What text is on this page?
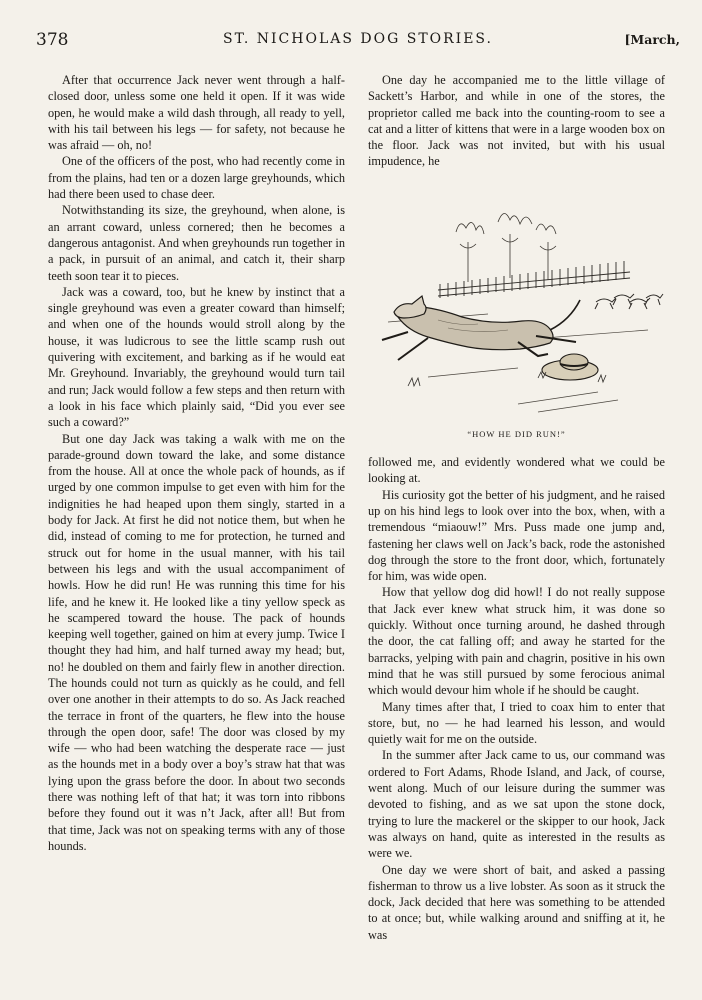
378	ST. NICHOLAS DOG STORIES.	[March,

After that occurrence Jack never went through a half-closed door, unless some one held it open. If it was wide open, he would make a wild dash through, all ready to yell, with his tail between his legs — for safety, not because he was afraid — oh, no!

One of the officers of the post, who had recently come in from the plains, had ten or a dozen large greyhounds, which had there been used to chase deer.

Notwithstanding its size, the greyhound, when alone, is an arrant coward, unless cornered; then he becomes a dangerous antagonist. And when greyhounds run together in a pack, in pursuit of an animal, and catch it, their sharp teeth soon tear it to pieces.

Jack was a coward, too, but he knew by instinct that a single greyhound was even a greater coward than himself; and when one of the hounds would stroll along by the house, it was ludicrous to see the little scamp rush out quivering with excitement, and barking as if he would eat Mr. Greyhound. Invariably, the greyhound would turn tail and run; Jack would follow a few steps and then return with a look in his face which plainly said, “Did you ever see such a coward?”

But one day Jack was taking a walk with me on the parade-ground down toward the lake, and some distance from the house. All at once the whole pack of hounds, as if urged by one common impulse to get even with him for the indignities he had heaped upon them singly, started in a body for Jack. At first he did not notice them, but when he did, instead of coming to me for protection, he turned and struck out for home in the usual manner, with his tail between his legs and with the usual accompaniment of howls. How he did run! He was running this time for his life, and he knew it. He looked like a tiny yellow speck as he scampered toward the house. The pack of hounds keeping well together, gained on him at every jump. Twice I thought they had him, and half turned away my head; but, no! he doubled on them and fairly flew in another direction. The hounds could not turn as quickly as he could, and fell over one another in their attempts to do so. As Jack reached the terrace in front of the quarters, he flew into the house through the open door, safe! The door was closed by my wife — who had been watching the desperate race — just as the hounds met in a body over a boy’s straw hat that was lying upon the grass before the door. In about two seconds there was nothing left of that hat; it was torn into ribbons before they found out it was n’t Jack, after all! But from that time, Jack was not on speaking terms with any of those hounds.

One day he accompanied me to the little village of Sackett’s Harbor, and while in one of the stores, the proprietor called me back into the counting-room to see a cat and a litter of kittens that were in a large wooden box on the floor. Jack was not invited, but with his usual impudence, he

“HOW HE DID RUN!”

followed me, and evidently wondered what we could be looking at.

His curiosity got the better of his judgment, and he raised up on his hind legs to look over into the box, when, with a tremendous “miaouw!” Mrs. Puss made one jump and, fastening her claws well on Jack’s back, rode the astonished dog through the store to the front door, which, fortunately for him, was wide open.

How that yellow dog did howl! I do not really suppose that Jack ever knew what struck him, it was done so quickly. Without once turning around, he dashed through the door, the cat falling off; and away he started for the barracks, yelping with pain and chagrin, positive in his own mind that he was still pursued by some ferocious animal which would devour him whole if he should be caught.

Many times after that, I tried to coax him to enter that store, but, no — he had learned his lesson, and would quietly wait for me on the outside.

In the summer after Jack came to us, our command was ordered to Fort Adams, Rhode Island, and Jack, of course, went along. Much of our leisure during the summer was devoted to fishing, and as we sat upon the stone dock, trying to lure the mackerel or the skipper to our hook, Jack was always on hand, quite as interested in the results as were we.

One day we were short of bait, and asked a passing fisherman to throw us a live lobster. As soon as it struck the dock, Jack decided that here was something to be attended to at once; but, while walking around and sniffing at it, he was
